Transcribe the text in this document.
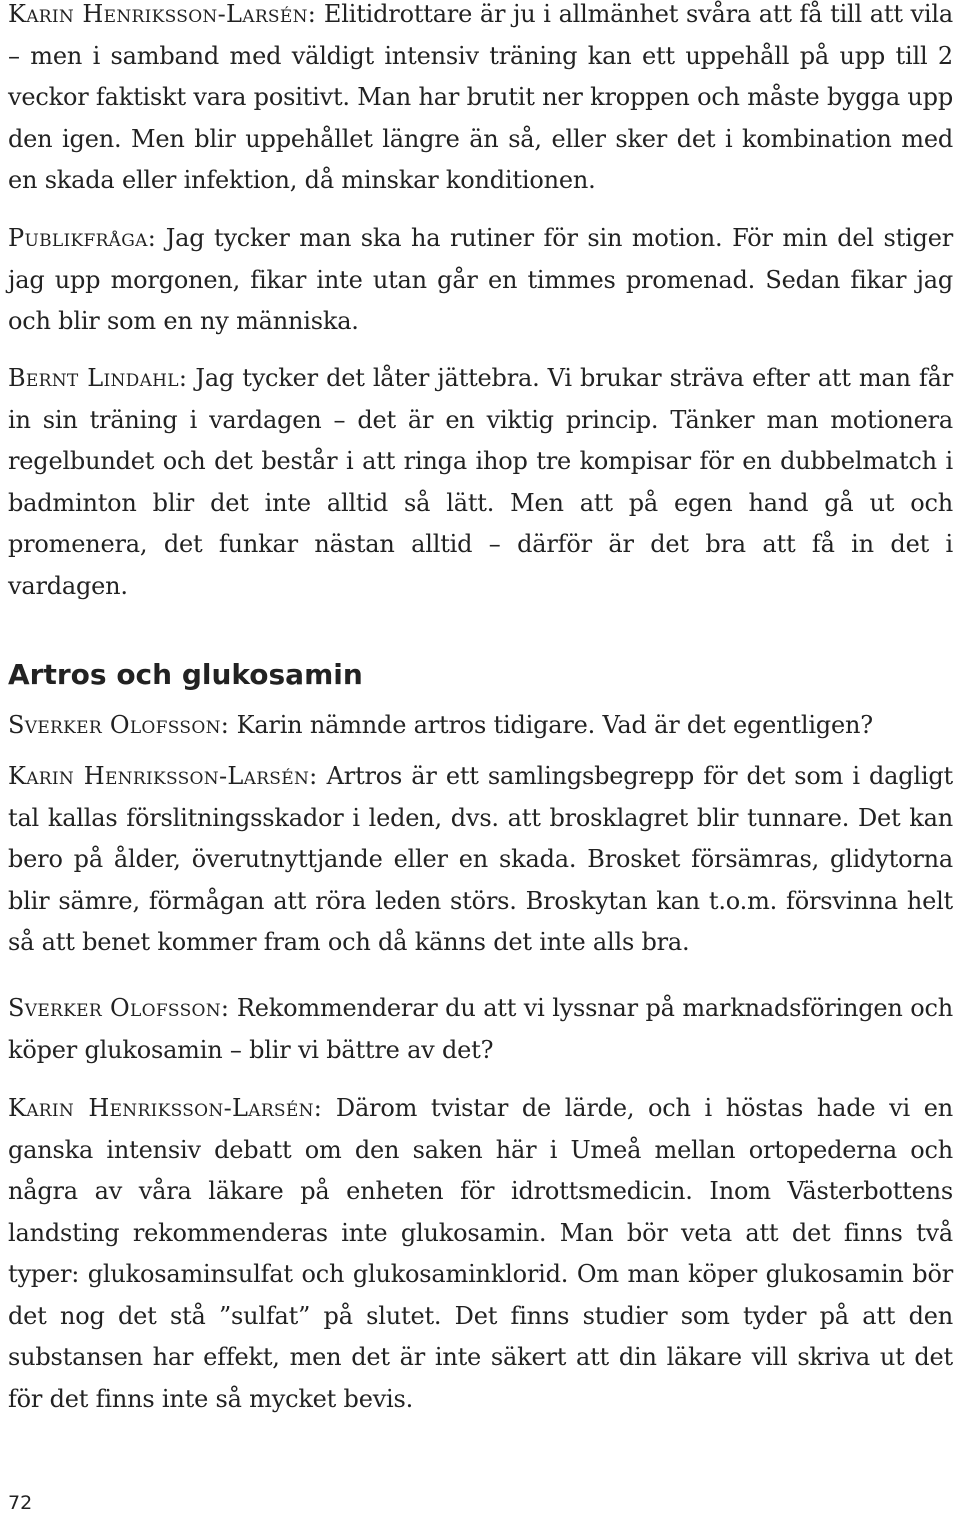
Karin Henriksson-Larsén: Elitidrottare är ju i allmänhet svåra att få till att vila – men i samband med väldigt intensiv träning kan ett uppehåll på upp till 2 veckor faktiskt vara positivt. Man har brutit ner kroppen och måste bygga upp den igen. Men blir uppehållet längre än så, eller sker det i kombination med en skada eller infektion, då minskar konditionen.

Publikfråga: Jag tycker man ska ha rutiner för sin motion. För min del stiger jag upp morgonen, fikar inte utan går en timmes promenad. Sedan fikar jag och blir som en ny människa.

Bernt Lindahl: Jag tycker det låter jättebra. Vi brukar sträva efter att man får in sin träning i vardagen – det är en viktig princip. Tänker man motionera regelbundet och det består i att ringa ihop tre kompisar för en dubbelmatch i badminton blir det inte alltid så lätt. Men att på egen hand gå ut och promenera, det funkar nästan alltid – därför är det bra att få in det i vardagen.

Artros och glukosamin

Sverker Olofsson: Karin nämnde artros tidigare. Vad är det egentligen?

Karin Henriksson-Larsén: Artros är ett samlingsbegrepp för det som i dagligt tal kallas förslitningsskador i leden, dvs. att brosklagret blir tunnare. Det kan bero på ålder, överutnyttjande eller en skada. Brosket försämras, glidytorna blir sämre, förmågan att röra leden störs. Broskytan kan t.o.m. försvinna helt så att benet kommer fram och då känns det inte alls bra.

Sverker Olofsson: Rekommenderar du att vi lyssnar på marknadsföringen och köper glukosamin – blir vi bättre av det?

Karin Henriksson-Larsén: Därom tvistar de lärde, och i höstas hade vi en ganska intensiv debatt om den saken här i Umeå mellan ortopederna och några av våra läkare på enheten för idrottsmedicin. Inom Västerbottens landsting rekommenderas inte glukosamin. Man bör veta att det finns två typer: glukosaminsulfat och glukosaminklorid. Om man köper glukosamin bör det nog det stå ”sulfat” på slutet. Det finns studier som tyder på att den substansen har effekt, men det är inte säkert att din läkare vill skriva ut det för det finns inte så mycket bevis.

72
